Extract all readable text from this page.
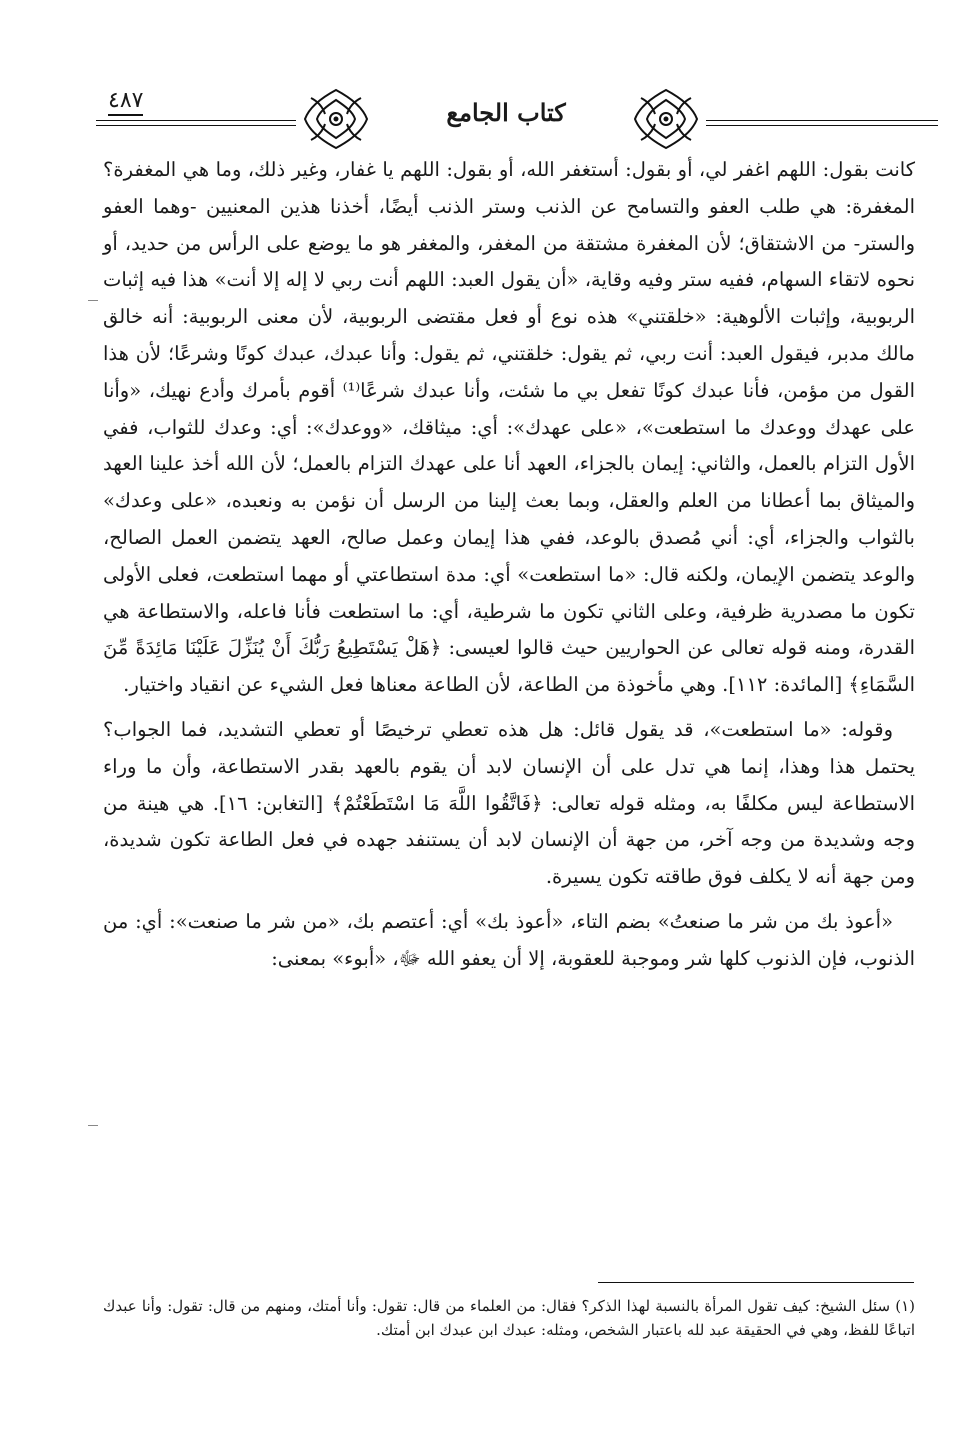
٤٨٧	كتاب الجامع

كانت بقول: اللهم اغفر لي، أو بقول: أستغفر الله، أو بقول: اللهم يا غفار، وغير ذلك، وما هي المغفرة؟ المغفرة: هي طلب العفو والتسامح عن الذنب وستر الذنب أيضًا، أخذنا هذين المعنيين -وهما العفو والستر- من الاشتقاق؛ لأن المغفرة مشتقة من المغفر، والمغفر هو ما يوضع على الرأس من حديد، أو نحوه لاتقاء السهام، ففيه ستر وفيه وقاية، «أن يقول العبد: اللهم أنت ربي لا إله إلا أنت» هذا فيه إثبات الربوبية، وإثبات الألوهية: «خلقتني» هذه نوع أو فعل مقتضى الربوبية، لأن معنى الربوبية: أنه خالق مالك مدبر، فيقول العبد: أنت ربي، ثم يقول: خلقتني، ثم يقول: وأنا عبدك، عبدك كونًا وشرعًا؛ لأن هذا القول من مؤمن، فأنا عبدك كونًا تفعل بي ما شئت، وأنا عبدك شرعًا⁽¹⁾ أقوم بأمرك وأدع نهيك، «وأنا على عهدك ووعدك ما استطعت»، «على عهدك»: أي: ميثاقك، «ووعدك»: أي: وعدك للثواب، ففي الأول التزام بالعمل، والثاني: إيمان بالجزاء، العهد أنا على عهدك التزام بالعمل؛ لأن الله أخذ علينا العهد والميثاق بما أعطانا من العلم والعقل، وبما بعث إلينا من الرسل أن نؤمن به ونعبده، «على وعدك» بالثواب والجزاء، أي: أني مُصدق بالوعد، ففي هذا إيمان وعمل صالح، العهد يتضمن العمل الصالح، والوعد يتضمن الإيمان، ولكنه قال: «ما استطعت» أي: مدة استطاعتي أو مهما استطعت، فعلى الأولى تكون ما مصدرية ظرفية، وعلى الثاني تكون ما شرطية، أي: ما استطعت فأنا فاعله، والاستطاعة هي القدرة، ومنه قوله تعالى عن الحواريين حيث قالوا لعيسى: ﴿هَلْ يَسْتَطِيعُ رَبُّكَ أَنْ يُنَزِّلَ عَلَيْنَا مَائِدَةً مِّنَ السَّمَاءِ﴾ [المائدة: ١١٢]. وهي مأخوذة من الطاعة، لأن الطاعة معناها فعل الشيء عن انقياد واختيار.

وقوله: «ما استطعت»، قد يقول قائل: هل هذه تعطي ترخيصًا أو تعطي التشديد، فما الجواب؟ يحتمل هذا وهذا، إنما هي تدل على أن الإنسان لابد أن يقوم بالعهد بقدر الاستطاعة، وأن ما وراء الاستطاعة ليس مكلفًا به، ومثله قوله تعالى: ﴿فَاتَّقُوا اللَّهَ مَا اسْتَطَعْتُمْ﴾ [التغابن: ١٦]. هي هينة من وجه وشديدة من وجه آخر، من جهة أن الإنسان لابد أن يستنفد جهده في فعل الطاعة تكون شديدة، ومن جهة أنه لا يكلف فوق طاقته تكون يسيرة.

«أعوذ بك من شر ما صنعتُ» بضم التاء، «أعوذ بك» أي: أعتصم بك، «من شر ما صنعت»: أي: من الذنوب، فإن الذنوب كلها شر وموجبة للعقوبة، إلا أن يعفو الله ﷻ، «أبوء» بمعنى:

(١) سئل الشيخ: كيف تقول المرأة بالنسبة لهذا الذكر؟ فقال: من العلماء من قال: تقول: وأنا أمتك، ومنهم من قال: تقول: وأنا عبدك اتباعًا للفظ، وهي في الحقيقة عبد لله باعتبار الشخص، ومثله: عبدك ابن عبدك ابن أمتك.
